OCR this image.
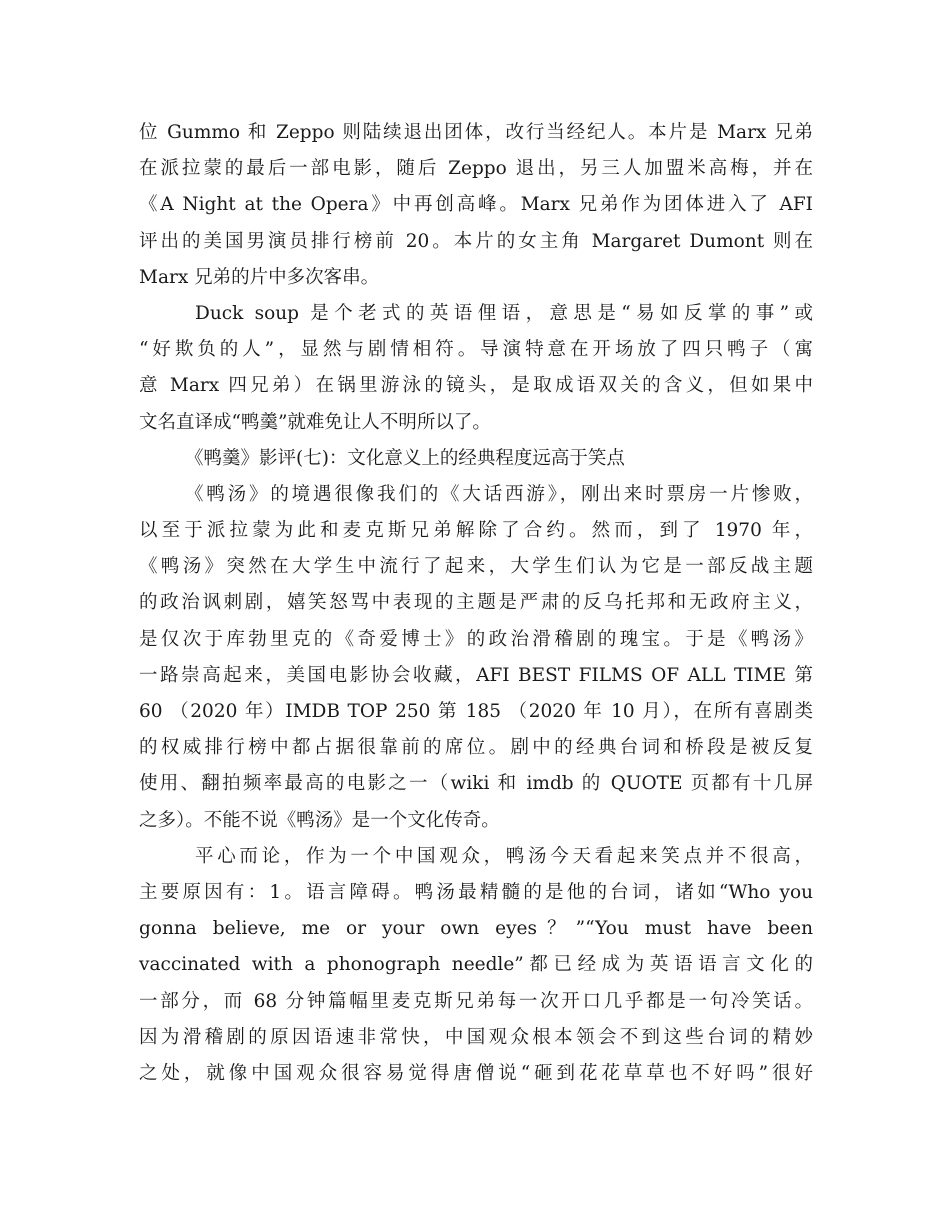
位 Gummo 和 Zeppo 则陆续退出团体，改行当经纪人。本片是 Marx 兄弟
在派拉蒙的最后一部电影，随后 Zeppo 退出，另三人加盟米高梅，并在
《A Night at the Opera》中再创高峰。Marx 兄弟作为团体进入了 AFI
评出的美国男演员排行榜前 20。本片的女主角 Margaret Dumont 则在
Marx 兄弟的片中多次客串。
Duck soup 是个老式的英语俚语，意思是“易如反掌的事”或
“好欺负的人”，显然与剧情相符。导演特意在开场放了四只鸭子（寓
意 Marx 四兄弟）在锅里游泳的镜头，是取成语双关的含义，但如果中
文名直译成“鸭羹”就难免让人不明所以了。
《鸭羹》影评(七)：文化意义上的经典程度远高于笑点
《鸭汤》的境遇很像我们的《大话西游》，刚出来时票房一片惨败，
以至于派拉蒙为此和麦克斯兄弟解除了合约。然而，到了 1970 年，
《鸭汤》突然在大学生中流行了起来，大学生们认为它是一部反战主题
的政治讽刺剧，嬉笑怒骂中表现的主题是严肃的反乌托邦和无政府主义，
是仅次于库勃里克的《奇爱博士》的政治滑稽剧的瑰宝。于是《鸭汤》
一路崇高起来，美国电影协会收藏，AFI BEST FILMS OF ALL TIME 第
60 （2020 年）IMDB TOP 250 第 185 （2020 年 10 月），在所有喜剧类
的权威排行榜中都占据很靠前的席位。剧中的经典台词和桥段是被反复
使用、翻拍频率最高的电影之一（wiki 和 imdb 的 QUOTE 页都有十几屏
之多）。不能不说《鸭汤》是一个文化传奇。
平心而论，作为一个中国观众，鸭汤今天看起来笑点并不很高，
主要原因有：1。语言障碍。鸭汤最精髓的是他的台词，诸如“Who you
gonna believe, me or your own eyes？”“You must have been
vaccinated with a phonograph needle”都已经成为英语语言文化的
一部分，而 68 分钟篇幅里麦克斯兄弟每一次开口几乎都是一句冷笑话。
因为滑稽剧的原因语速非常快，中国观众根本领会不到这些台词的精妙
之处，就像中国观众很容易觉得唐僧说“砸到花花草草也不好吗”很好
